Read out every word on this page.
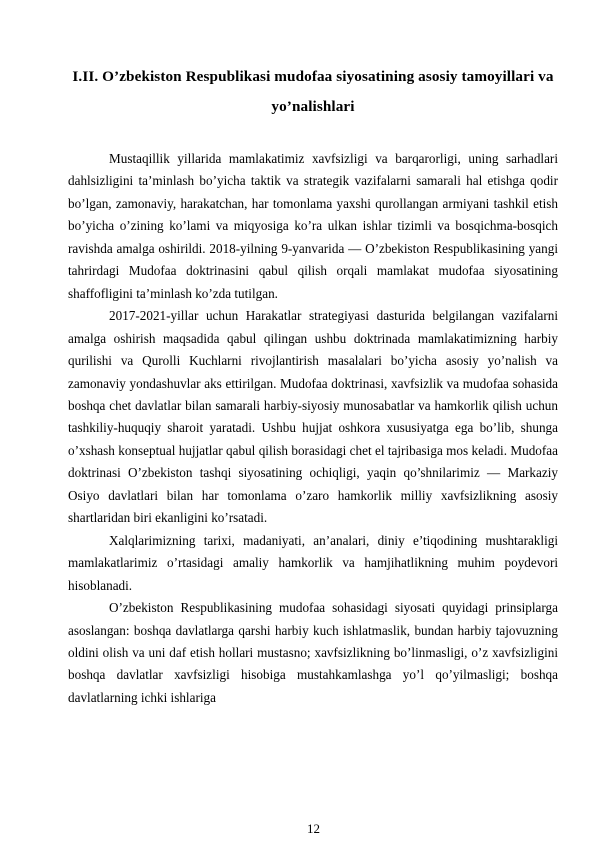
I.II. O’zbekiston Respublikasi mudofaa siyosatining asosiy tamoyillari va yo’nalishlari

Mustaqillik yillarida mamlakatimiz xavfsizligi va barqarorligi, uning sarhadlari dahlsizligini ta’minlash bo’yicha taktik va strategik vazifalarni samarali hal etishga qodir bo’lgan, zamonaviy, harakatchan, har tomonlama yaxshi qurollangan armiyani tashkil etish bo’yicha o’zining ko’lami va miqyosiga ko’ra ulkan ishlar tizimli va bosqichma-bosqich ravishda amalga oshirildi. 2018-yilning 9-yanvarida — O’zbekiston Respublikasining yangi tahrirdagi Mudofaa doktrinasini qabul qilish orqali mamlakat mudofaa siyosatining shaffofligini ta’minlash ko’zda tutilgan.

2017-2021-yillar uchun Harakatlar strategiyasi dasturida belgilangan vazifalarni amalga oshirish maqsadida qabul qilingan ushbu doktrinada mamlakatimizning harbiy qurilishi va Qurolli Kuchlarni rivojlantirish masalalari bo’yicha asosiy yo’nalish va zamonaviy yondashuvlar aks ettirilgan. Mudofaa doktrinasi, xavfsizlik va mudofaa sohasida boshqa chet davlatlar bilan samarali harbiy-siyosiy munosabatlar va hamkorlik qilish uchun tashkiliy-huquqiy sharoit yaratadi. Ushbu hujjat oshkora xususiyatga ega bo’lib, shunga o’xshash konseptual hujjatlar qabul qilish borasidagi chet el tajribasiga mos keladi. Mudofaa doktrinasi O’zbekiston tashqi siyosatining ochiqligi, yaqin qo’shnilarimiz — Markaziy Osiyo davlatlari bilan har tomonlama o’zaro hamkorlik milliy xavfsizlikning asosiy shartlaridan biri ekanligini ko’rsatadi.

Xalqlarimizning tarixi, madaniyati, an’analari, diniy e’tiqodining mushtarakligi mamlakatlarimiz o’rtasidagi amaliy hamkorlik va hamjihatlikning muhim poydevori hisoblanadi.

O’zbekiston Respublikasining mudofaa sohasidagi siyosati quyidagi prinsiplarga asoslangan: boshqa davlatlarga qarshi harbiy kuch ishlatmaslik, bundan harbiy tajovuzning oldini olish va uni daf etish hollari mustasno; xavfsizlikning bo’linmasligi, o’z xavfsizligini boshqa davlatlar xavfsizligi hisobiga mustahkamlashga yo’l qo’yilmasligi; boshqa davlatlarning ichki ishlariga

12
